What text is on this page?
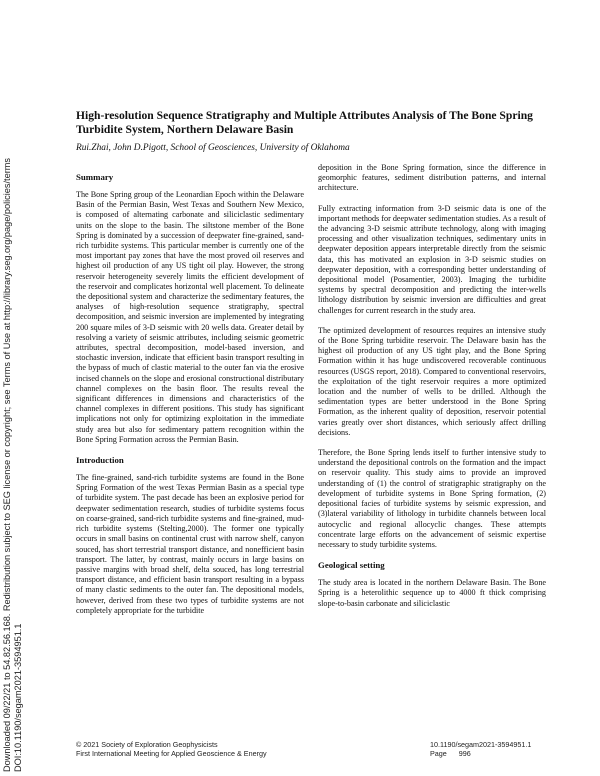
Downloaded 09/22/21 to 54.82.56.168. Redistribution subject to SEG license or copyright; see Terms of Use at http://library.seg.org/page/policies/terms DOI:10.1190/segam2021-3594951.1
High-resolution Sequence Stratigraphy and Multiple Attributes Analysis of The Bone Spring Turbidite System, Northern Delaware Basin
Rui.Zhai, John D.Pigott, School of Geosciences, University of Oklahoma
Summary

The Bone Spring group of the Leonardian Epoch within the Delaware Basin of the Permian Basin, West Texas and Southern New Mexico, is composed of alternating carbonate and siliciclastic sedimentary units on the slope to the basin. The siltstone member of the Bone Spring is dominated by a succession of deepwater fine-grained, sand-rich turbidite systems. This particular member is currently one of the most important pay zones that have the most proved oil reserves and highest oil production of any US tight oil play. However, the strong reservoir heterogeneity severely limits the efficient development of the reservoir and complicates horizontal well placement. To delineate the depositional system and characterize the sedimentary features, the analyses of high-resolution sequence stratigraphy, spectral decomposition, and seismic inversion are implemented by integrating 200 square miles of 3-D seismic with 20 wells data. Greater detail by resolving a variety of seismic attributes, including seismic geometric attributes, spectral decomposition, model-based inversion, and stochastic inversion, indicate that efficient basin transport resulting in the bypass of much of clastic material to the outer fan via the erosive incised channels on the slope and erosional constructional distributary channel complexes on the basin floor. The results reveal the significant differences in dimensions and characteristics of the channel complexes in different positions. This study has significant implications not only for optimizing exploitation in the immediate study area but also for sedimentary pattern recognition within the Bone Spring Formation across the Permian Basin.

Introduction

The fine-grained, sand-rich turbidite systems are found in the Bone Spring Formation of the west Texas Permian Basin as a special type of turbidite system. The past decade has been an explosive period for deepwater sedimentation research, studies of turbidite systems focus on coarse-grained, sand-rich turbidite systems and fine-grained, mud-rich turbidite systems (Stelting,2000). The former one typically occurs in small basins on continental crust with narrow shelf, canyon souced, has short terrestrial transport distance, and nonefficient basin transport. The latter, by contrast, mainly occurs in large basins on passive margins with broad shelf, delta souced, has long terrestrial transport distance, and efficient basin transport resulting in a bypass of many clastic sediments to the outer fan. The depositional models, however, derived from these two types of turbidite systems are not completely appropriate for the turbidite

deposition in the Bone Spring formation, since the difference in geomorphic features, sediment distribution patterns, and internal architecture.

Fully extracting information from 3-D seismic data is one of the important methods for deepwater sedimentation studies. As a result of the advancing 3-D seismic attribute technology, along with imaging processing and other visualization techniques, sedimentary units in deepwater deposition appears interpretable directly from the seismic data, this has motivated an explosion in 3-D seismic studies on deepwater deposition, with a corresponding better understanding of depositional model (Posamentier, 2003). Imaging the turbidite systems by spectral decomposition and predicting the inter-wells lithology distribution by seismic inversion are difficulties and great challenges for current research in the study area.

The optimized development of resources requires an intensive study of the Bone Spring turbidite reservoir. The Delaware basin has the highest oil production of any US tight play, and the Bone Spring Formation within it has huge undiscovered recoverable continuous resources (USGS report, 2018). Compared to conventional reservoirs, the exploitation of the tight reservoir requires a more optimized location and the number of wells to be drilled. Although the sedimentation types are better understood in the Bone Spring Formation, as the inherent quality of deposition, reservoir potential varies greatly over short distances, which seriously affect drilling decisions.

Therefore, the Bone Spring lends itself to further intensive study to understand the depositional controls on the formation and the impact on reservoir quality. This study aims to provide an improved understanding of (1) the control of stratigraphic stratigraphy on the development of turbidite systems in Bone Spring formation, (2) depositional facies of turbidite systems by seismic expression, and (3)lateral variability of lithology in turbidite channels between local autocyclic and regional allocyclic changes. These attempts concentrate large efforts on the advancement of seismic expertise necessary to study turbidite systems.

Geological setting

The study area is located in the northern Delaware Basin. The Bone Spring is a heterolithic sequence up to 4000 ft thick comprising slope-to-basin carbonate and siliciclastic

© 2021 Society of Exploration Geophysicists
First International Meeting for Applied Geoscience & Energy
10.1190/segam2021-3594951.1
Page 996
